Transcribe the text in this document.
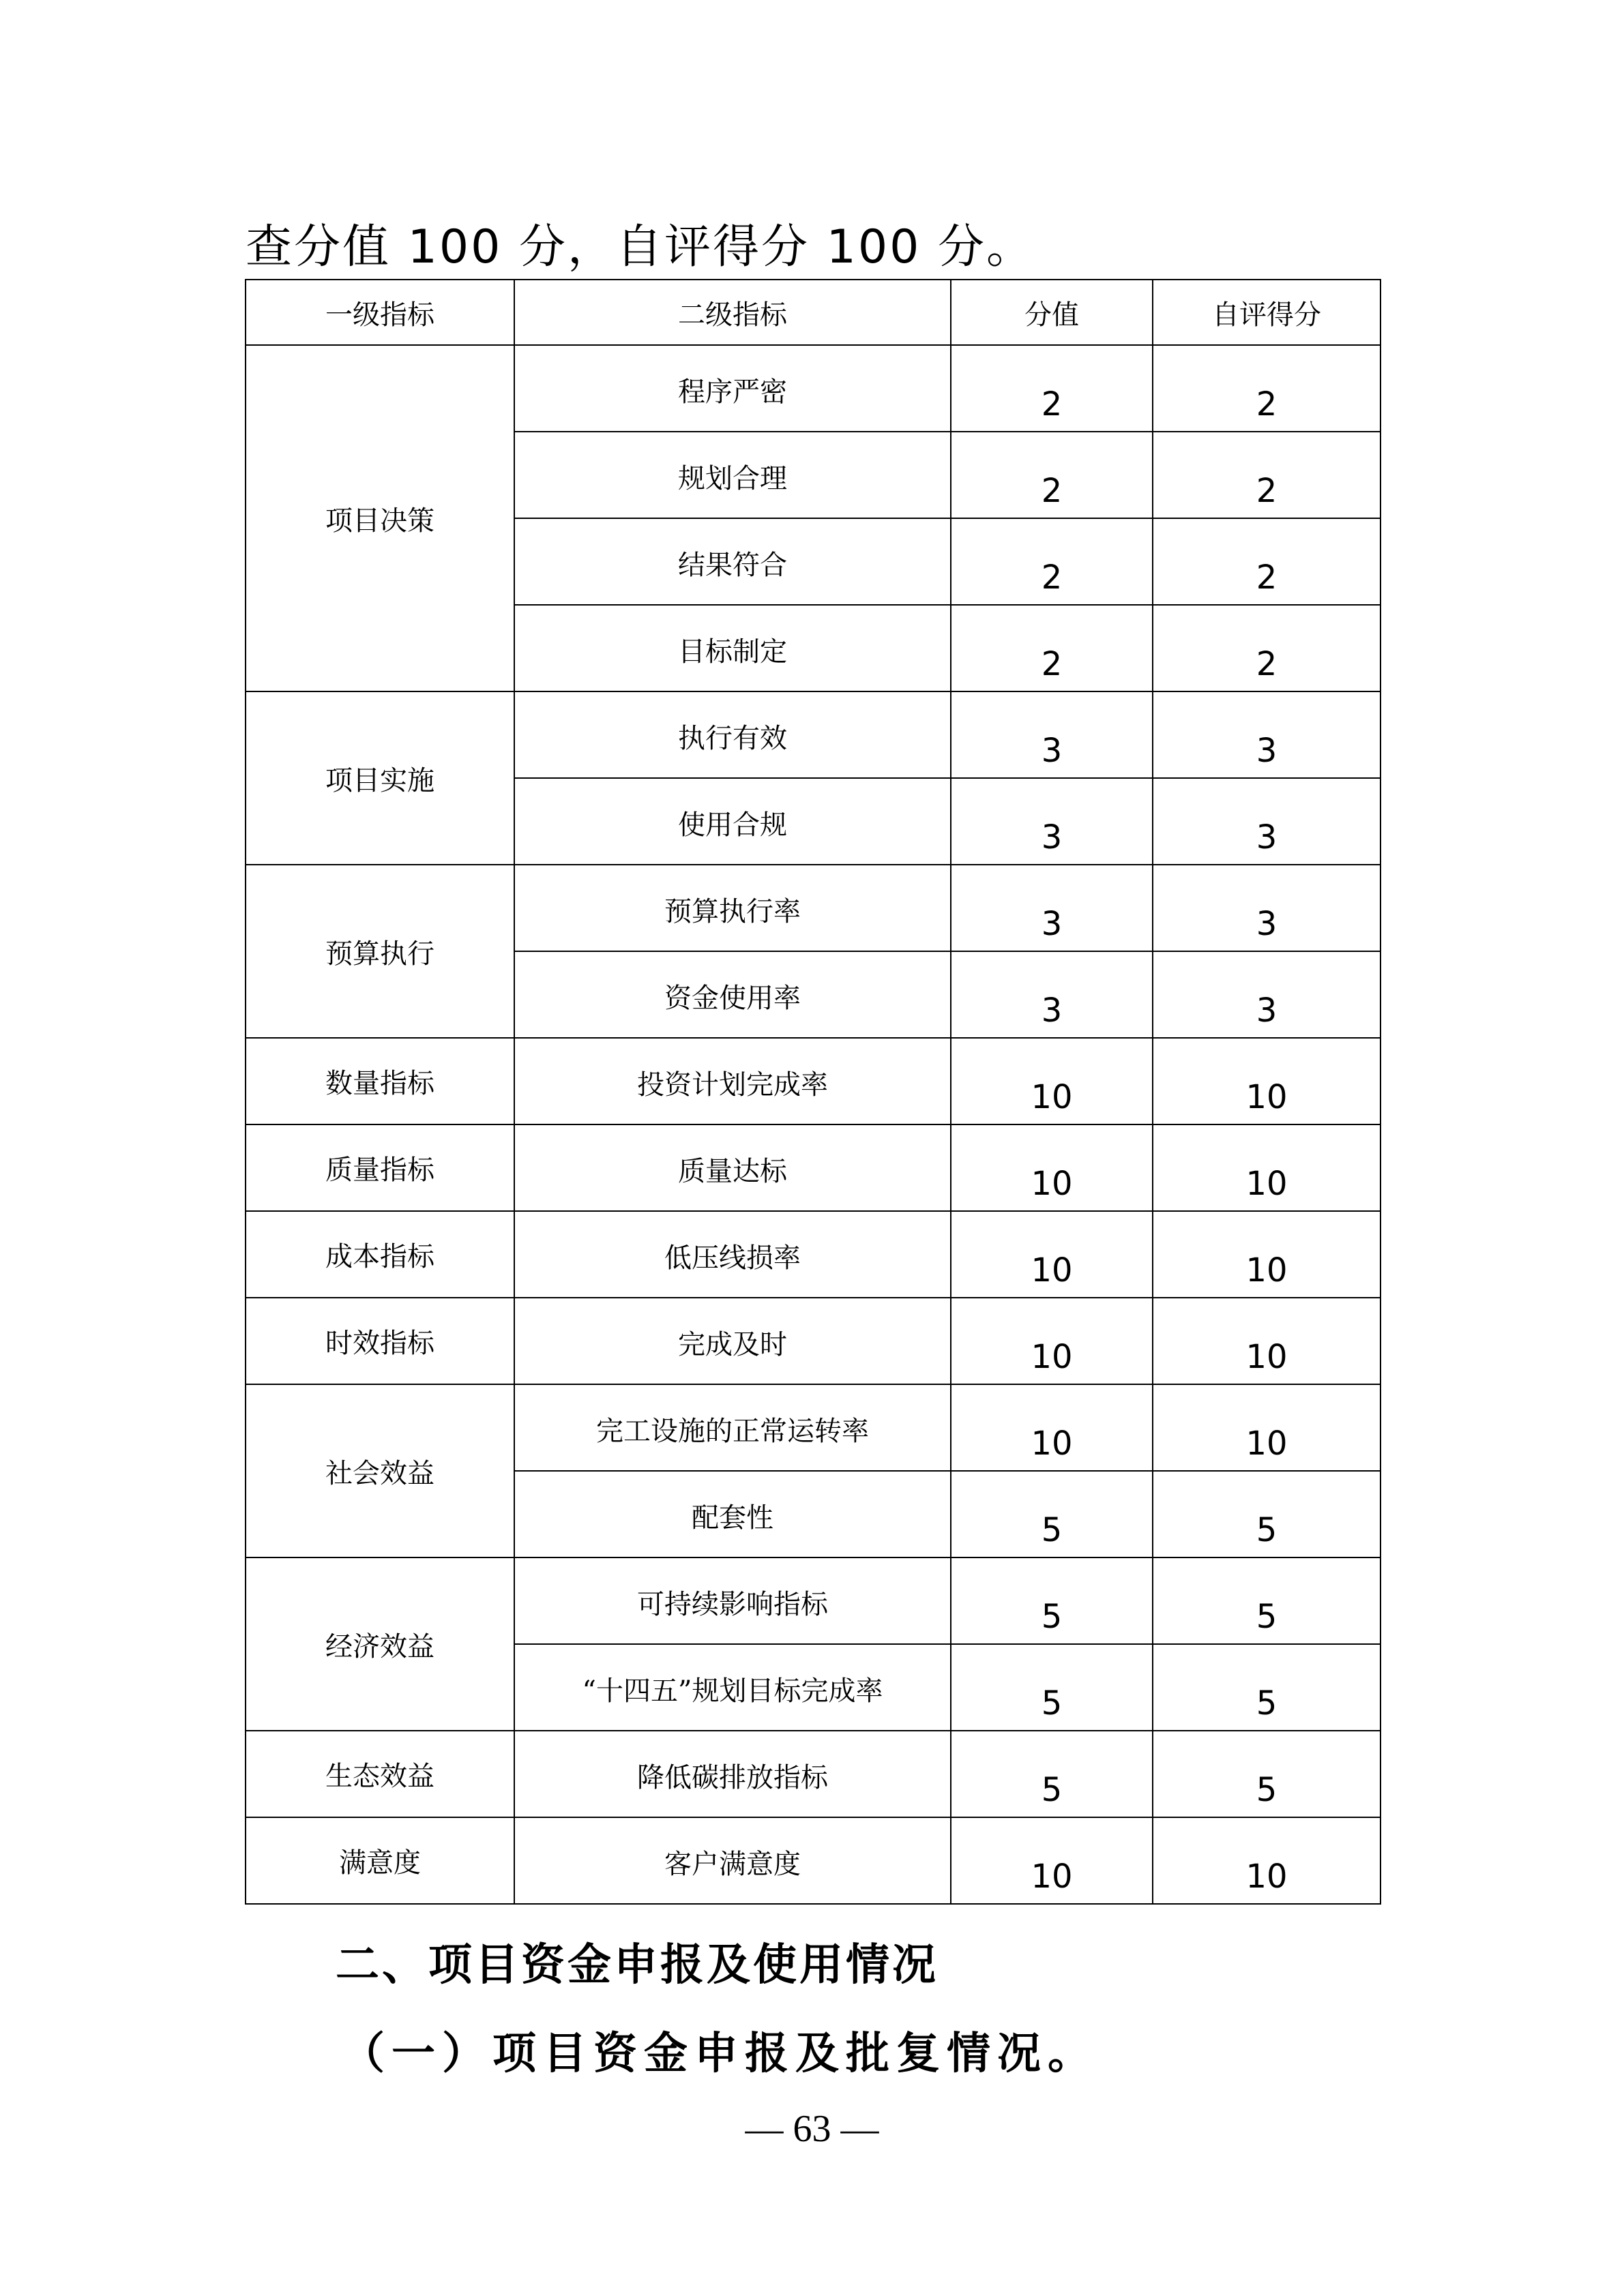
查分值 100 分，自评得分 100 分。
一级指标	二级指标	分值	自评得分
项目决策	程序严密	2	2

	规划合理	2	2

	结果符合	2	2

	目标制定	2	2

项目实施	执行有效	3	3

	使用合规	3	3

预算执行	预算执行率	3	3

	资金使用率	3	3

数量指标	投资计划完成率	10	10

质量指标	质量达标	10	10

成本指标	低压线损率	10	10

时效指标	完成及时	10	10

社会效益	完工设施的正常运转率	10	10

	配套性	5	5

经济效益	可持续影响指标	5	5

	“十四五”规划目标完成率	5	5

生态效益	降低碳排放指标	5	5

满意度	客户满意度	10	10
二、项目资金申报及使用情况
（一）项目资金申报及批复情况。
— 63 —
